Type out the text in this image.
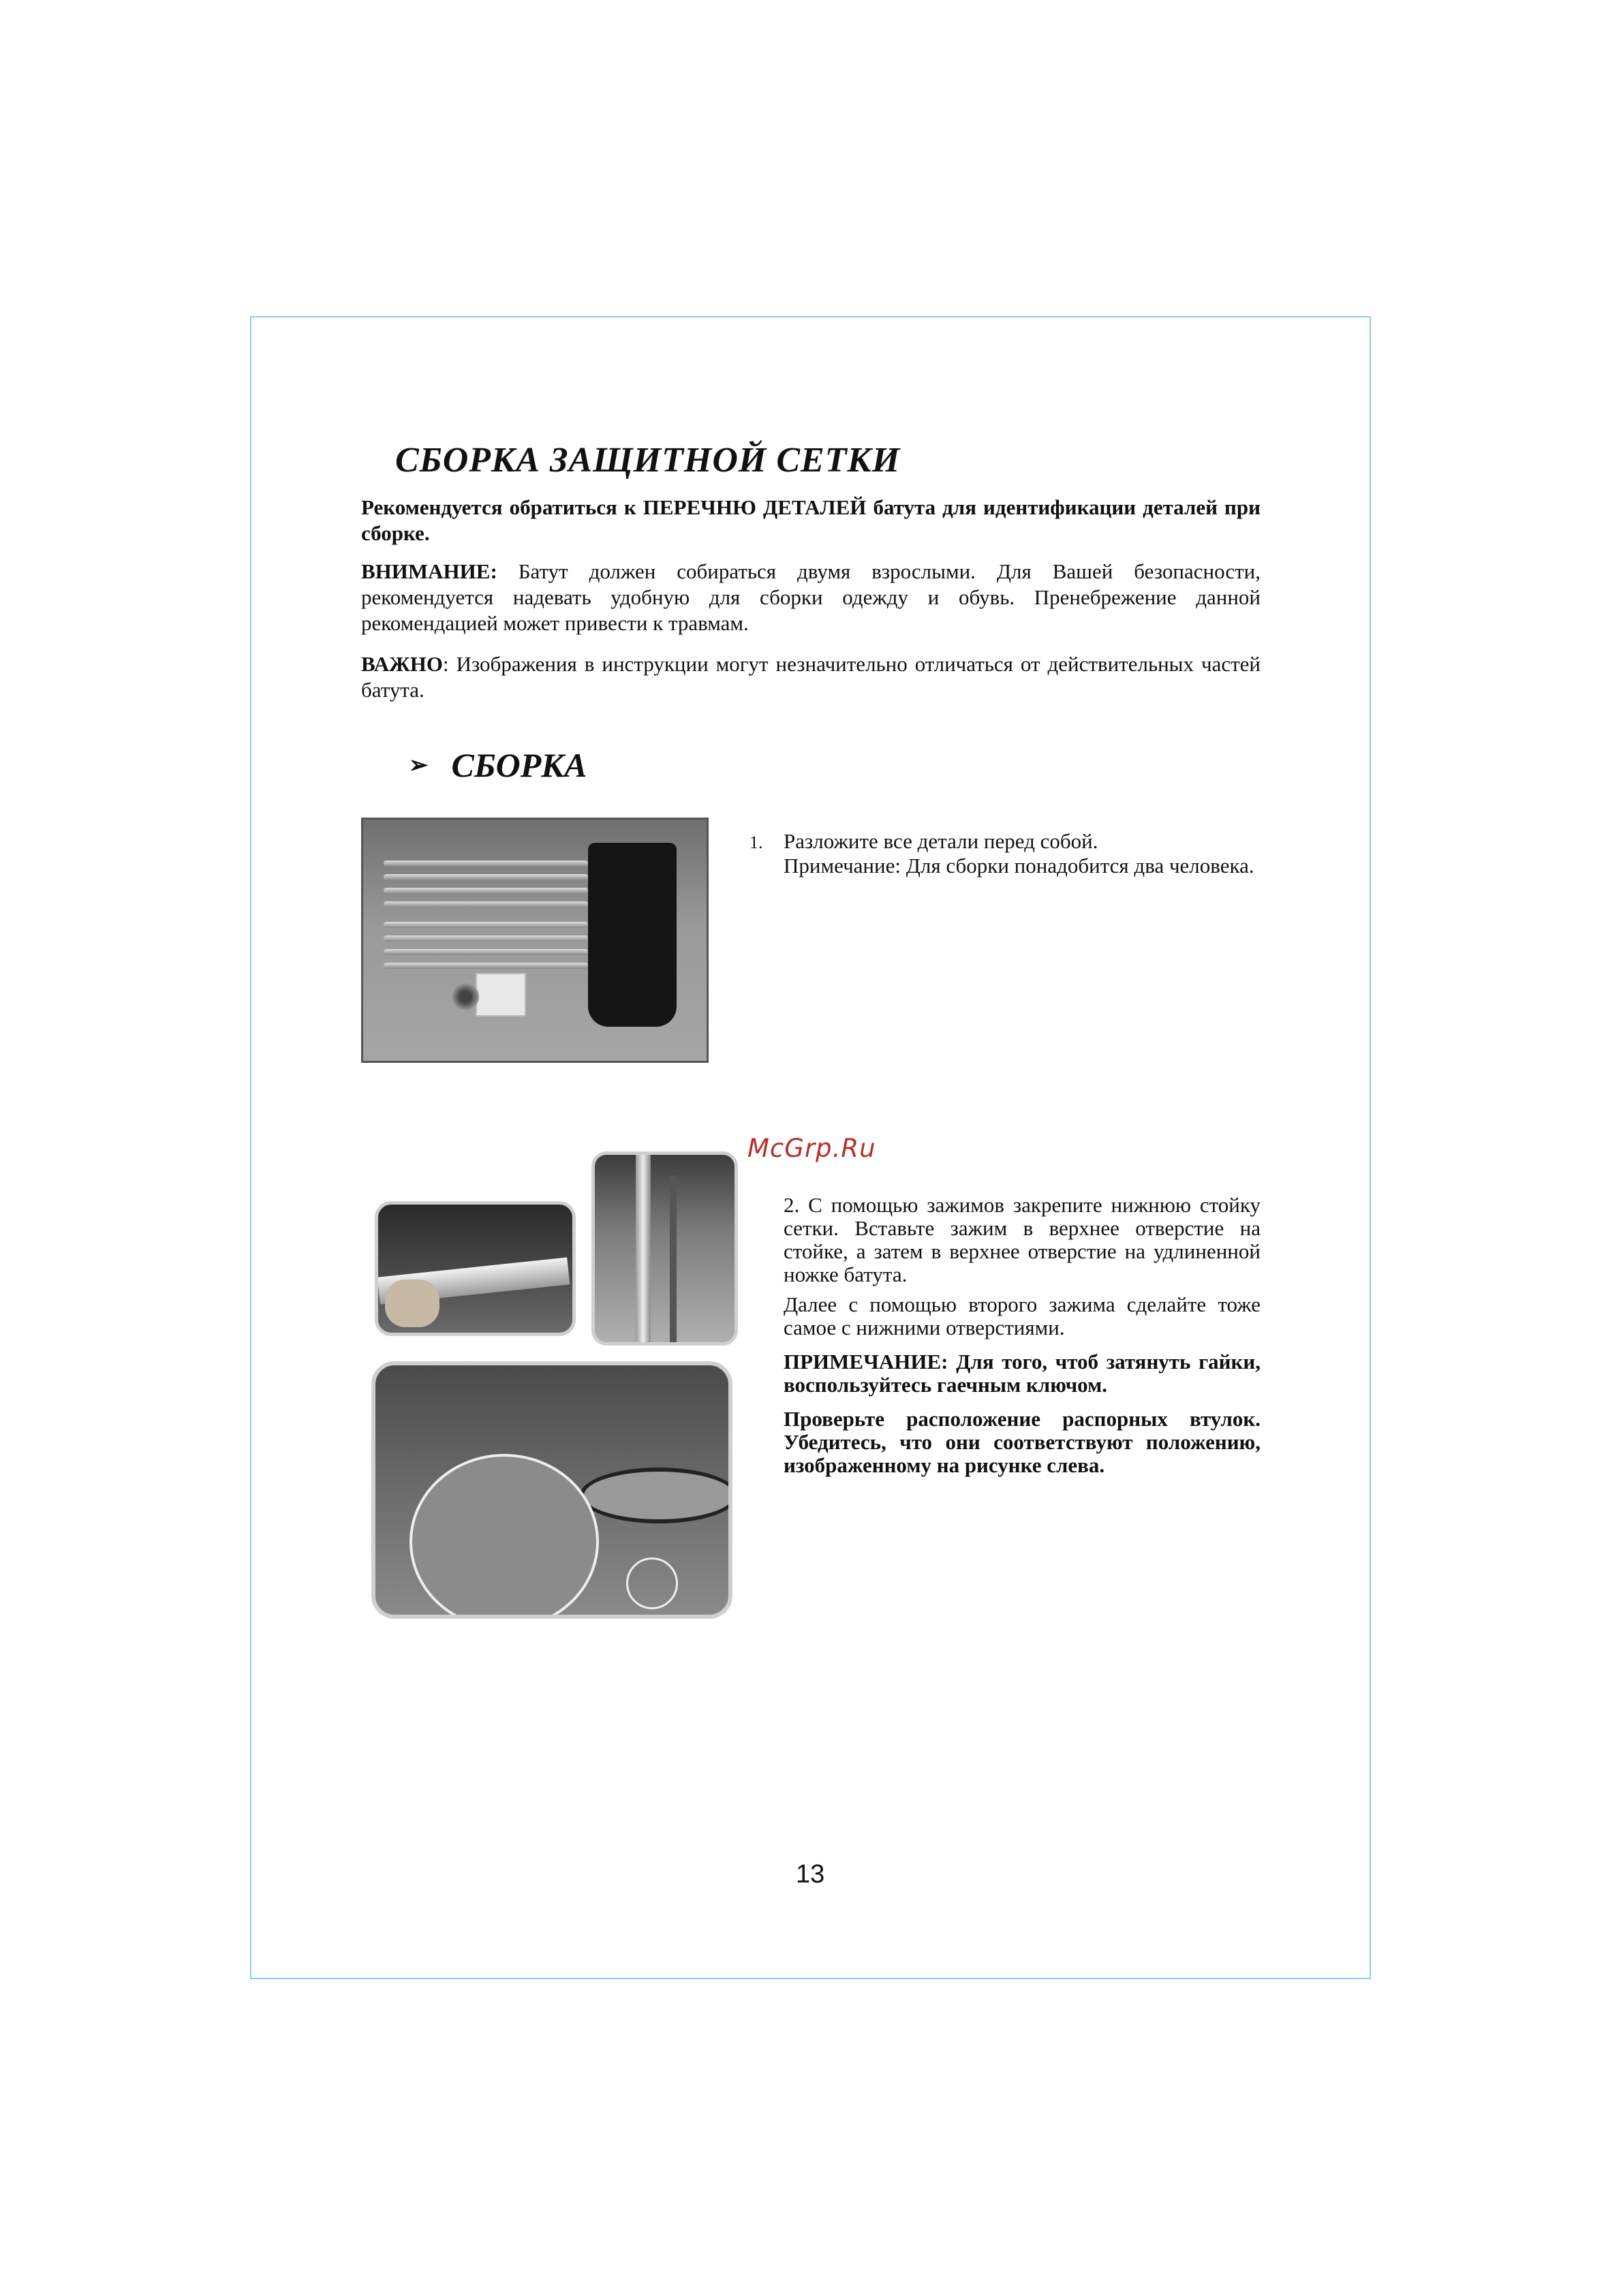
СБОРКА ЗАЩИТНОЙ СЕТКИ

Рекомендуется обратиться к ПЕРЕЧНЮ ДЕТАЛЕЙ батута для идентификации деталей при сборке.

ВНИМАНИЕ: Батут должен собираться двумя взрослыми. Для Вашей безопасности, рекомендуется надевать удобную для сборки одежду и обувь. Пренебрежение данной рекомендацией может привести к травмам.

ВАЖНО: Изображения в инструкции могут незначительно отличаться от действительных частей батута.

➢ СБОРКА
1. Разложите все детали перед собой.
Примечание: Для сборки понадобится два человека.
McGrp.Ru

2. С помощью зажимов закрепите нижнюю стойку сетки. Вставьте зажим в верхнее отверстие на стойке, а затем в верхнее отверстие на удлиненной ножке батута.

Далее с помощью второго зажима сделайте тоже самое с нижними отверстиями.

ПРИМЕЧАНИЕ: Для того, чтоб затянуть гайки, воспользуйтесь гаечным ключом.

Проверьте расположение распорных втулок. Убедитесь, что они соответствуют положению, изображенному на рисунке слева.

13
